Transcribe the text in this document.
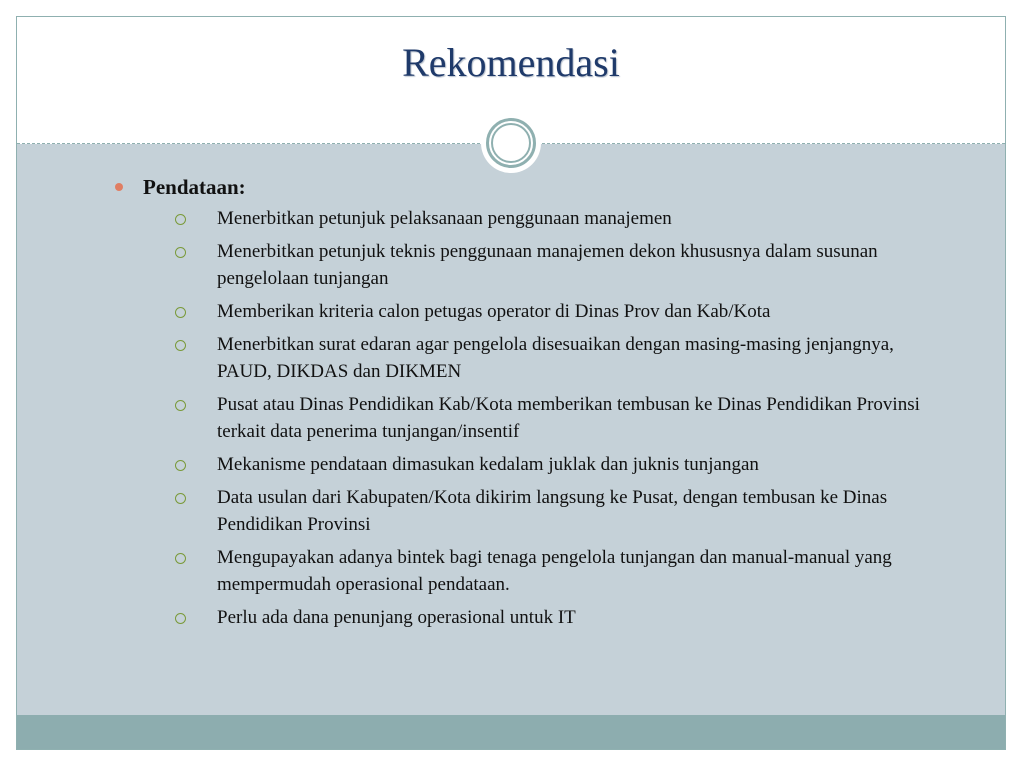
Rekomendasi
Pendataan:
Menerbitkan petunjuk pelaksanaan penggunaan manajemen
Menerbitkan petunjuk teknis penggunaan manajemen dekon khususnya dalam susunan pengelolaan tunjangan
Memberikan kriteria calon petugas operator di Dinas Prov dan Kab/Kota
Menerbitkan surat edaran agar pengelola disesuaikan dengan masing-masing jenjangnya, PAUD, DIKDAS dan DIKMEN
Pusat atau Dinas Pendidikan Kab/Kota memberikan tembusan ke Dinas Pendidikan Provinsi terkait data penerima tunjangan/insentif
Mekanisme pendataan dimasukan kedalam juklak dan juknis tunjangan
Data usulan dari Kabupaten/Kota dikirim langsung ke Pusat, dengan tembusan ke Dinas Pendidikan Provinsi
Mengupayakan adanya bintek bagi tenaga pengelola tunjangan dan manual-manual yang mempermudah operasional pendataan.
Perlu ada dana penunjang operasional untuk IT
